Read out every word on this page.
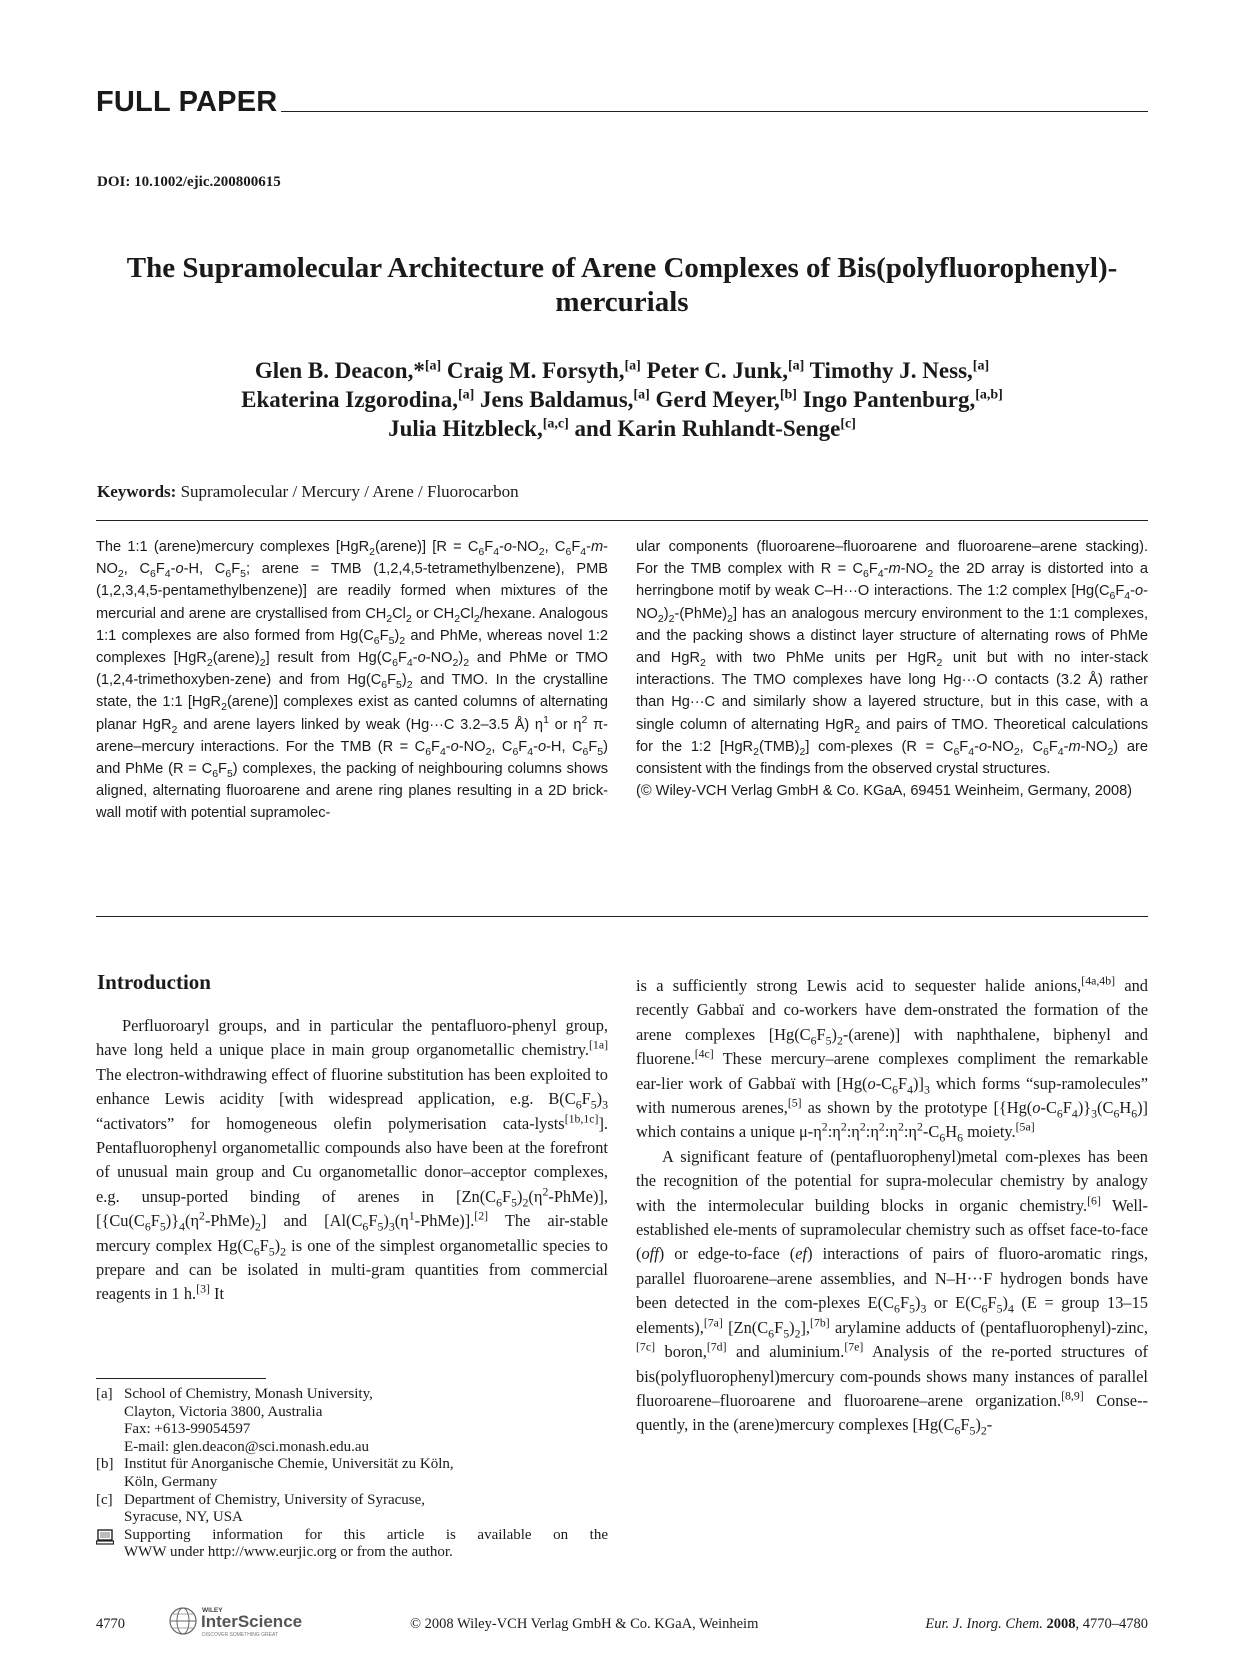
FULL PAPER
DOI: 10.1002/ejic.200800615
The Supramolecular Architecture of Arene Complexes of Bis(polyfluorophenyl)-
mercurials
Glen B. Deacon,*[a] Craig M. Forsyth,[a] Peter C. Junk,[a] Timothy J. Ness,[a]
Ekaterina Izgorodina,[a] Jens Baldamus,[a] Gerd Meyer,[b] Ingo Pantenburg,[a,b]
Julia Hitzbleck,[a,c] and Karin Ruhlandt-Senge[c]
Keywords: Supramolecular / Mercury / Arene / Fluorocarbon

The 1:1 (arene)mercury complexes [HgR$_2$(arene)] [$R = C_6F_4-o-NO_2$, $C_6F_4-m-NO_2$, $C_6F_4-o-H$, $C_6F_5$; arene = TMB (1,2,4,5-tetramethylbenzene), PMB (1,2,3,4,5-pentamethylbenzene)] are readily formed when mixtures of the mercurial and arene are crystallised from $CH_2Cl_2$ or $CH_2Cl_2$/hexane. Analogous 1:1 complexes are also formed from $Hg(C_6F_5)_2$ and PhMe, whereas novel 1:2 complexes $[HgR_2(arene)_2]$ result from $Hg(C_6F_4-o-NO_2)_2$ and PhMe or TMO (1,2,4-trimethoxyben-zene) and from $Hg(C_6F_5)_2$ and TMO. In the crystalline state, the 1:1 [HgR$_2$(arene)] complexes exist as canted columns of alternating planar HgR$_2$ and arene layers linked by weak (Hg···C 3.2–3.5 Å) $\eta^1$ or $\eta^2$ π-arene–mercury interactions. For the TMB ($R = C_6F_4-o-NO_2$, $C_6F_4-o-H$, $C_6F_5$) and PhMe $(R = C_6F_5)$ complexes, the packing of neighbouring columns shows aligned, alternating fluoroarene and arene ring planes resulting in a 2D brick-wall motif with potential supramolec-

ular components (fluoroarene–fluoroarene and fluoroarene–arene stacking). For the TMB complex with $R = C_6F_4-m-NO_2$ the 2D array is distorted into a herringbone motif by weak C–H···O interactions. The 1:2 complex $[Hg(C_6F_4-o-NO_2)_2-(PhMe)_2]$ has an analogous mercury environment to the 1:1 complexes, and the packing shows a distinct layer structure of alternating rows of PhMe and HgR$_2$ with two PhMe units per HgR$_2$ unit but with no inter-stack interactions. The TMO complexes have long Hg···O contacts (3.2 Å) rather than Hg···C and similarly show a layered structure, but in this case, with a single column of alternating HgR$_2$ and pairs of TMO. Theoretical calculations for the 1:2 $[HgR_2(TMB)_2]$ com-plexes ($R = C_6F_4-o-NO_2$, $C_6F_4-m-NO_2$) are consistent with the findings from the observed crystal structures.

(© Wiley-VCH Verlag GmbH & Co. KGaA, 69451 Weinheim, Germany, 2008)

Introduction

Perfluoroaryl groups, and in particular the pentafluoro-phenyl group, have long held a unique place in main group organometallic chemistry.[1a] The electron-withdrawing effect of fluorine substitution has been exploited to enhance Lewis acidity [with widespread application, e.g. $B(C_6F_5)_3$ “activators” for homogeneous olefin polymerisation cata-lysts[1b,1c]]. Pentafluorophenyl organometallic compounds also have been at the forefront of unusual main group and Cu organometallic donor–acceptor complexes, e.g. unsup-ported binding of arenes in $[Zn(C_6F_5)_2(\eta^2-PhMe)]$, $[\{Cu(C_6F_5)\}_4(\eta^2-PhMe)_2]$ and $[Al(C_6F_5)_3(\eta^1-PhMe)].[2]$ The air-stable mercury complex $Hg(C_6F_5)_2$ is one of the simplest organometallic species to prepare and can be isolated in multi-gram quantities from commercial reagents in 1 h.[3] It

is a sufficiently strong Lewis acid to sequester halide anions,[4a,4b] and recently Gabbaï and co-workers have dem-onstrated the formation of the arene complexes $[Hg(C_6F_5)_2-(arene)]$ with naphthalene, biphenyl and fluorene.[4c] These mercury–arene complexes compliment the remarkable ear-lier work of Gabbaï with $[Hg(o-C_6F_4)]_3$ which forms “sup-ramolecules” with numerous arenes,[5] as shown by the prototype $[\{Hg(o-C_6F_4)\}_3(C_6H_6)]$ which contains a unique $\mu-\eta^2:\eta^2:\eta^2:\eta^2:\eta^2:\eta^2-C_6H_6$ moiety.[5a]

A significant feature of (pentafluorophenyl)metal com-plexes has been the recognition of the potential for supra-molecular chemistry by analogy with the intermolecular building blocks in organic chemistry.[6] Well-established ele-ments of supramolecular chemistry such as offset face-to-face (off) or edge-to-face (ef) interactions of pairs of fluoro-aromatic rings, parallel fluoroarene–arene assemblies, and N–H···F hydrogen bonds have been detected in the com-plexes $E(C_6F_5)_3$ or $E(C_6F_5)_4$ (E = group 13–15 elements),[7a] $[Zn(C_6F_5)_2],[7b]$ arylamine adducts of (pentafluorophenyl)-zinc,[7c] boron,[7d] and aluminium.[7e] Analysis of the re-ported structures of bis(polyfluorophenyl)mercury com-pounds shows many instances of parallel fluoroarene–fluoroarene and fluoroarene–arene organization.[8,9] Conse-quently, in the (arene)mercury complexes [$Hg(C_6F_5)_2-$

[a] School of Chemistry, Monash University,
Clayton, Victoria 3800, Australia
Fax: +613-99054597
E-mail: glen.deacon@sci.monash.edu.au
[b] Institut für Anorganische Chemie, Universität zu Köln,
Köln, Germany
[c] Department of Chemistry, University of Syracuse,
Syracuse, NY, USA
Supporting information for this article is available on the
WWW under http://www.eurjic.org or from the author.
4770
WILEY
InterScience
DISCOVER SOMETHING GREAT
© 2008 Wiley-VCH Verlag GmbH & Co. KGaA, Weinheim	Eur. J. Inorg. Chem. 2008, 4770–4780
